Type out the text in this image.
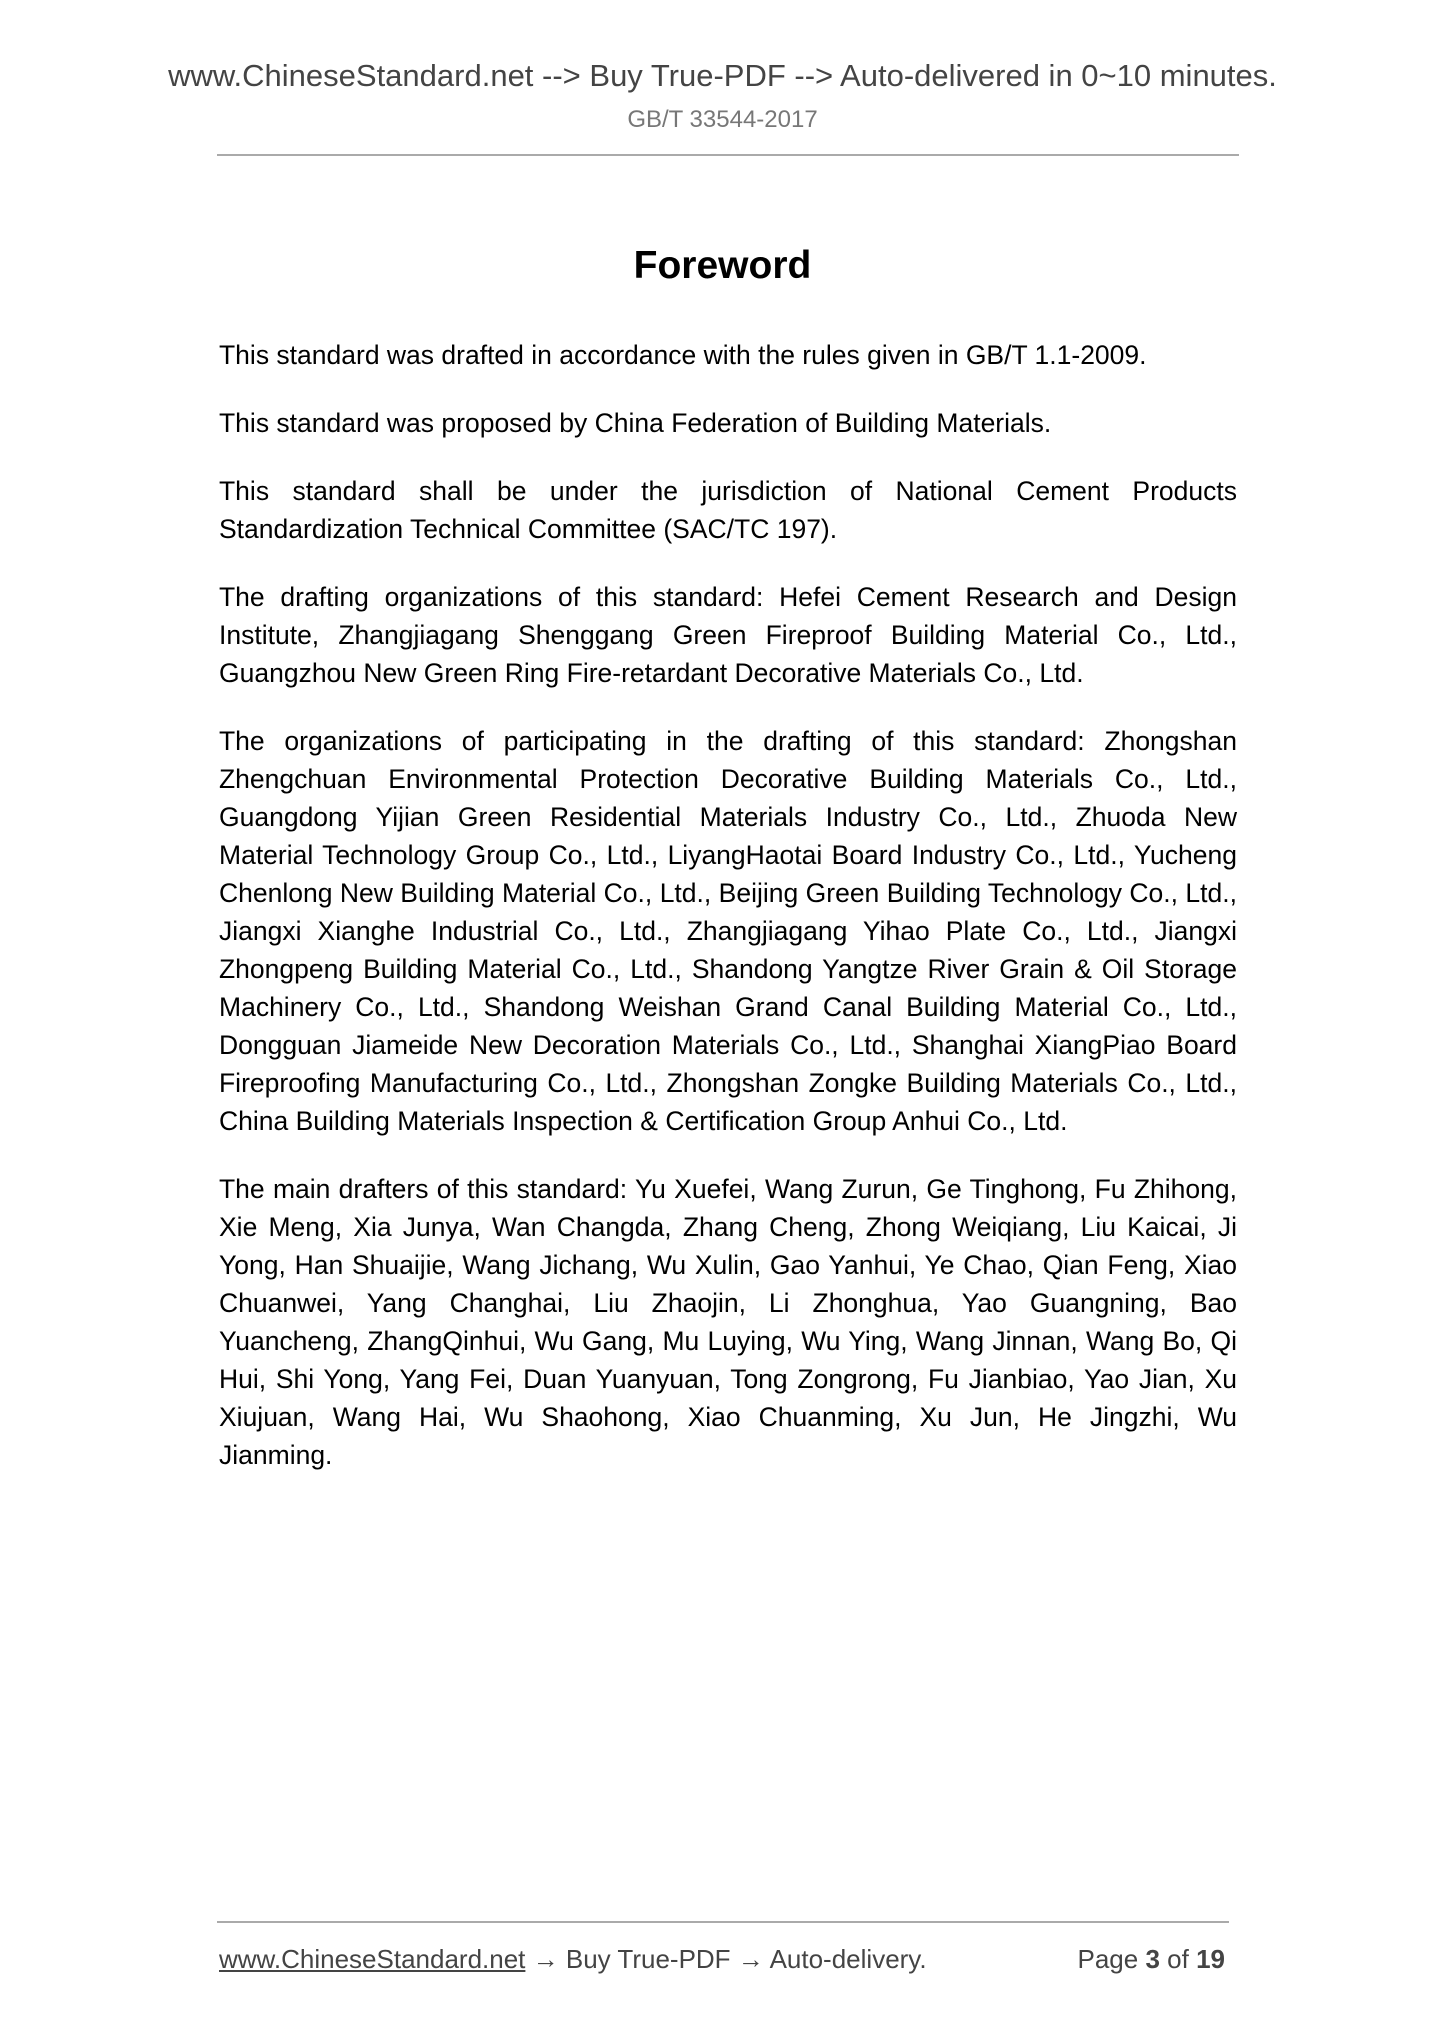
www.ChineseStandard.net --> Buy True-PDF --> Auto-delivered in 0~10 minutes.
GB/T 33544-2017
Foreword

This standard was drafted in accordance with the rules given in GB/T 1.1-2009.

This standard was proposed by China Federation of Building Materials.

This standard shall be under the jurisdiction of National Cement Products Standardization Technical Committee (SAC/TC 197).

The drafting organizations of this standard: Hefei Cement Research and Design Institute, Zhangjiagang Shenggang Green Fireproof Building Material Co., Ltd., Guangzhou New Green Ring Fire-retardant Decorative Materials Co., Ltd.

The organizations of participating in the drafting of this standard: Zhongshan Zhengchuan Environmental Protection Decorative Building Materials Co., Ltd., Guangdong Yijian Green Residential Materials Industry Co., Ltd., Zhuoda New Material Technology Group Co., Ltd., LiyangHaotai Board Industry Co., Ltd., Yucheng Chenlong New Building Material Co., Ltd., Beijing Green Building Technology Co., Ltd., Jiangxi Xianghe Industrial Co., Ltd., Zhangjiagang Yihao Plate Co., Ltd., Jiangxi Zhongpeng Building Material Co., Ltd., Shandong Yangtze River Grain & Oil Storage Machinery Co., Ltd., Shandong Weishan Grand Canal Building Material Co., Ltd., Dongguan Jiameide New Decoration Materials Co., Ltd., Shanghai XiangPiao Board Fireproofing Manufacturing Co., Ltd., Zhongshan Zongke Building Materials Co., Ltd., China Building Materials Inspection & Certification Group Anhui Co., Ltd.

The main drafters of this standard: Yu Xuefei, Wang Zurun, Ge Tinghong, Fu Zhihong, Xie Meng, Xia Junya, Wan Changda, Zhang Cheng, Zhong Weiqiang, Liu Kaicai, Ji Yong, Han Shuaijie, Wang Jichang, Wu Xulin, Gao Yanhui, Ye Chao, Qian Feng, Xiao Chuanwei, Yang Changhai, Liu Zhaojin, Li Zhonghua, Yao Guangning, Bao Yuancheng, ZhangQinhui, Wu Gang, Mu Luying, Wu Ying, Wang Jinnan, Wang Bo, Qi Hui, Shi Yong, Yang Fei, Duan Yuanyuan, Tong Zongrong, Fu Jianbiao, Yao Jian, Xu Xiujuan, Wang Hai, Wu Shaohong, Xiao Chuanming, Xu Jun, He Jingzhi, Wu Jianming.

www.ChineseStandard.net → Buy True-PDF → Auto-delivery.	Page 3 of 19
